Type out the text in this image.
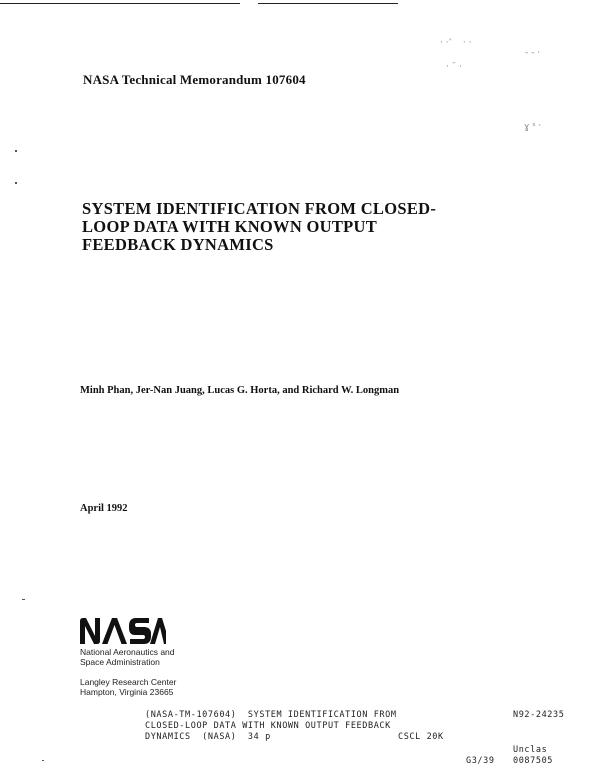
· ·ʼ    · ·
- - ·
· ˉ ·
ɣ ˢ ˑ
NASA Technical Memorandum 107604
SYSTEM IDENTIFICATION FROM CLOSED-
LOOP DATA WITH KNOWN OUTPUT
FEEDBACK DYNAMICS
Minh Phan, Jer-Nan Juang, Lucas G. Horta, and Richard W. Longman
April 1992
National Aeronautics and
Space Administration
Langley Research Center
Hampton, Virginia 23665
(NASA-TM-107604)  SYSTEM IDENTIFICATION FROM
CLOSED-LOOP DATA WITH KNOWN OUTPUT FEEDBACK
DYNAMICS  (NASA)  34 p	CSCL 20K
N92-24235
Unclas
G3/39 0087505
